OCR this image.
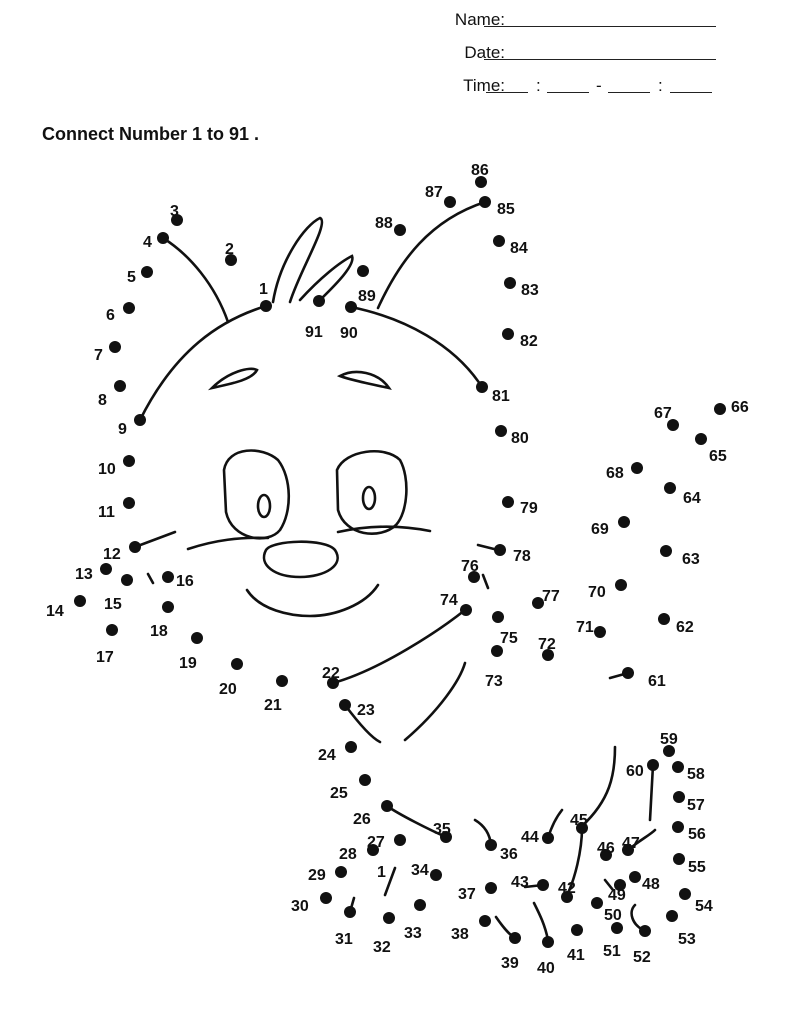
Name:
Date:
Time: :	-	:
Connect Number 1 to 91 .
1
2
3
4
5
6
7
8
9
10
11
12
13
14	15
16
17
18
19
20
21
22
23
24
25
26
27
28
29
30
31 32
33
34
35
36
37
38
39 40
41
42
43
44
45
46 47
48
49
50
51 52
53
54
55
56
57
58
59
60
61
62
63
64
65
66
67
68
69
70
71
72
73
74
75
76
77
78
79
80
81
82
83
84
85
86
87
88
89
90
91
1
